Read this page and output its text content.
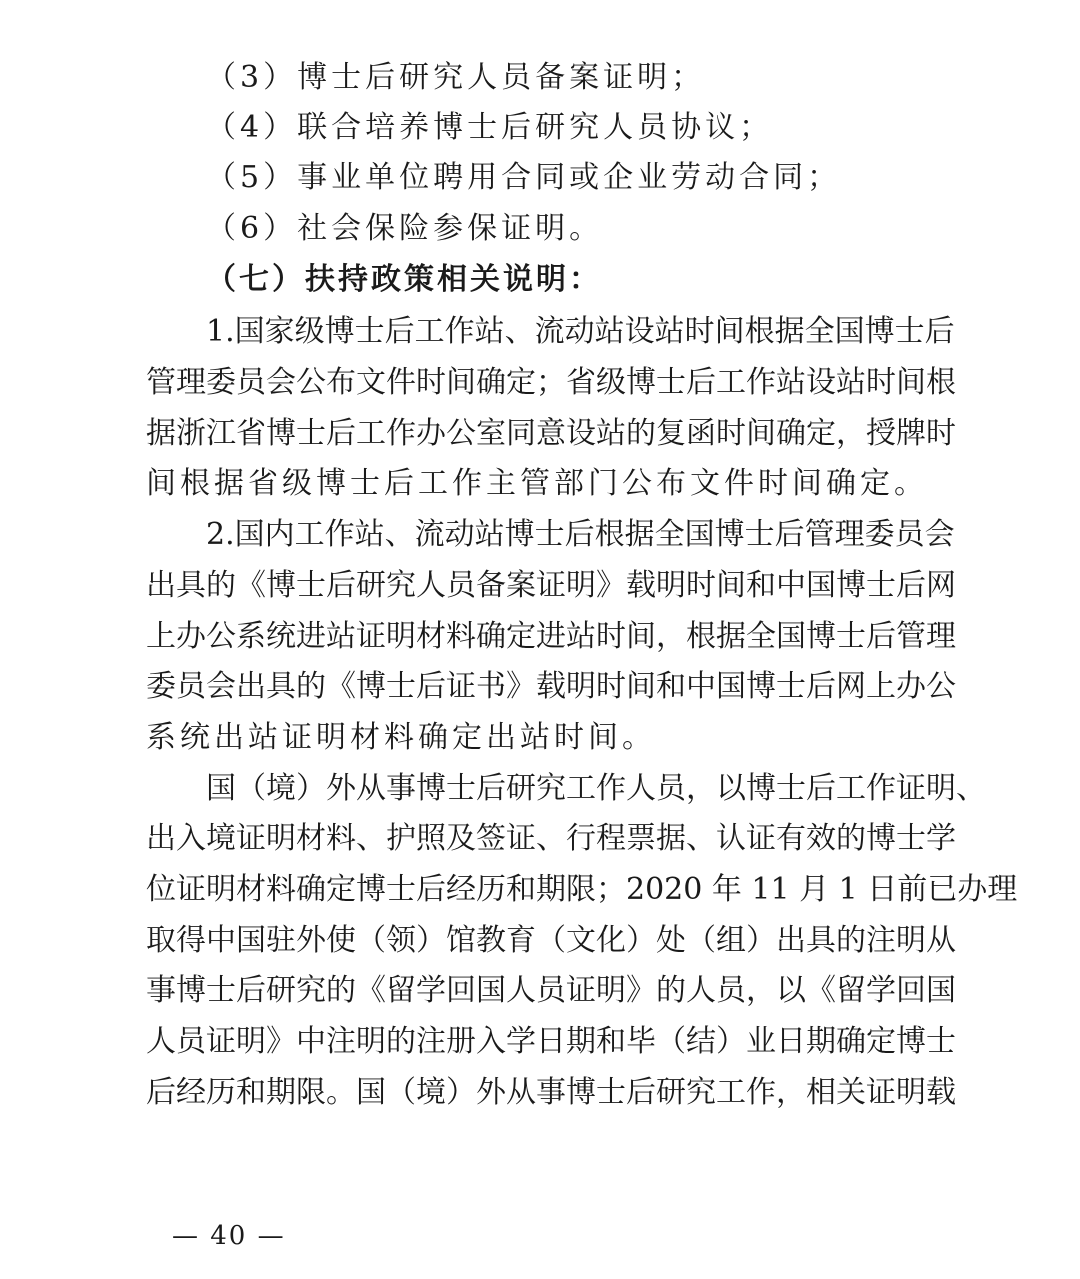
（3）博士后研究人员备案证明；
（4）联合培养博士后研究人员协议；
（5）事业单位聘用合同或企业劳动合同；
（6）社会保险参保证明。
（七）扶持政策相关说明：
1.国家级博士后工作站、流动站设站时间根据全国博士后
管理委员会公布文件时间确定；省级博士后工作站设站时间根
据浙江省博士后工作办公室同意设站的复函时间确定，授牌时
间根据省级博士后工作主管部门公布文件时间确定。
2.国内工作站、流动站博士后根据全国博士后管理委员会
出具的《博士后研究人员备案证明》载明时间和中国博士后网
上办公系统进站证明材料确定进站时间，根据全国博士后管理
委员会出具的《博士后证书》载明时间和中国博士后网上办公
系统出站证明材料确定出站时间。
国（境）外从事博士后研究工作人员，以博士后工作证明、
出入境证明材料、护照及签证、行程票据、认证有效的博士学
位证明材料确定博士后经历和期限；2020 年 11 月 1 日前已办理
取得中国驻外使（领）馆教育（文化）处（组）出具的注明从
事博士后研究的《留学回国人员证明》的人员，以《留学回国
人员证明》中注明的注册入学日期和毕（结）业日期确定博士
后经历和期限。国（境）外从事博士后研究工作，相关证明载
— 40 —
